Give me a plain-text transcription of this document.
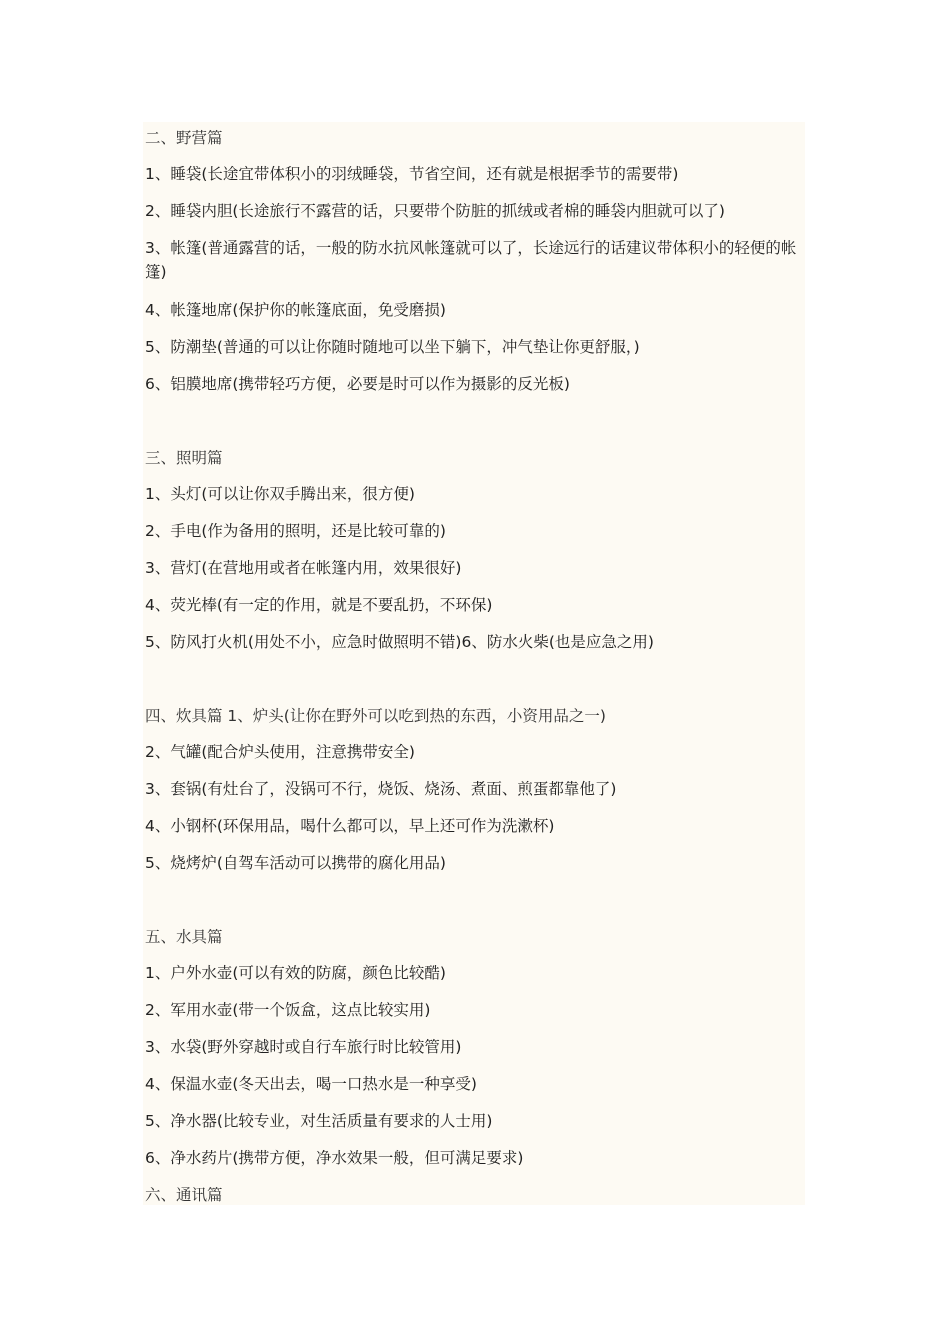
二、野营篇
1、睡袋(长途宜带体积小的羽绒睡袋，节省空间，还有就是根据季节的需要带)
2、睡袋内胆(长途旅行不露营的话，只要带个防脏的抓绒或者棉的睡袋内胆就可以了)
3、帐篷(普通露营的话，一般的防水抗风帐篷就可以了，长途远行的话建议带体积小的轻便的帐篷)
4、帐篷地席(保护你的帐篷底面，免受磨损)
5、防潮垫(普通的可以让你随时随地可以坐下躺下，冲气垫让你更舒服，)
6、铝膜地席(携带轻巧方便，必要是时可以作为摄影的反光板)
三、照明篇
1、头灯(可以让你双手腾出来，很方便)
2、手电(作为备用的照明，还是比较可靠的)
3、营灯(在营地用或者在帐篷内用，效果很好)
4、荧光棒(有一定的作用，就是不要乱扔，不环保)
5、防风打火机(用处不小，应急时做照明不错)6、防水火柴(也是应急之用)
四、炊具篇 1、炉头(让你在野外可以吃到热的东西，小资用品之一)
2、气罐(配合炉头使用，注意携带安全)
3、套锅(有灶台了，没锅可不行，烧饭、烧汤、煮面、煎蛋都靠他了)
4、小钢杯(环保用品，喝什么都可以，早上还可作为洗漱杯)
5、烧烤炉(自驾车活动可以携带的腐化用品)
五、水具篇
1、户外水壶(可以有效的防腐，颜色比较酷)
2、军用水壶(带一个饭盒，这点比较实用)
3、水袋(野外穿越时或自行车旅行时比较管用)
4、保温水壶(冬天出去，喝一口热水是一种享受)
5、净水器(比较专业，对生活质量有要求的人士用)
6、净水药片(携带方便，净水效果一般，但可满足要求)
六、通讯篇
